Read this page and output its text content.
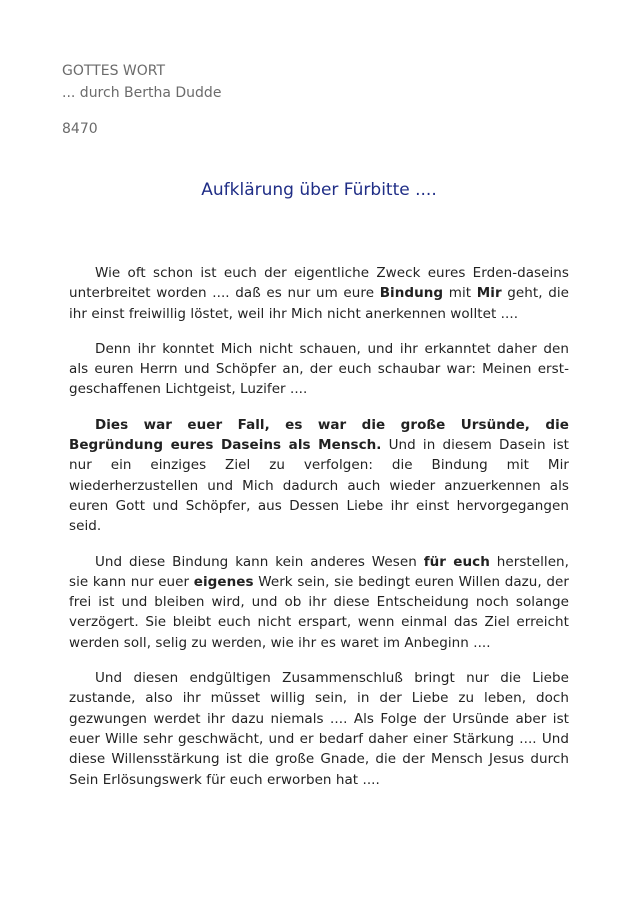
GOTTES WORT
... durch Bertha Dudde
8470
Aufklärung über Fürbitte ....

Wie oft schon ist euch der eigentliche Zweck eures Erden-daseins unterbreitet worden .... daß es nur um eure Bindung mit Mir geht, die ihr einst freiwillig löstet, weil ihr Mich nicht anerkennen wolltet ....

Denn ihr konntet Mich nicht schauen, und ihr erkanntet daher den als euren Herrn und Schöpfer an, der euch schaubar war: Meinen erst-geschaffenen Lichtgeist, Luzifer ....

Dies war euer Fall, es war die große Ursünde, die Begründung eures Daseins als Mensch. Und in diesem Dasein ist nur ein einziges Ziel zu verfolgen: die Bindung mit Mir wiederherzustellen und Mich dadurch auch wieder anzuerkennen als euren Gott und Schöpfer, aus Dessen Liebe ihr einst hervorgegangen seid.

Und diese Bindung kann kein anderes Wesen für euch herstellen, sie kann nur euer eigenes Werk sein, sie bedingt euren Willen dazu, der frei ist und bleiben wird, und ob ihr diese Entscheidung noch solange verzögert. Sie bleibt euch nicht erspart, wenn einmal das Ziel erreicht werden soll, selig zu werden, wie ihr es waret im Anbeginn ....

Und diesen endgültigen Zusammenschluß bringt nur die Liebe zustande, also ihr müsset willig sein, in der Liebe zu leben, doch gezwungen werdet ihr dazu niemals .... Als Folge der Ursünde aber ist euer Wille sehr geschwächt, und er bedarf daher einer Stärkung .... Und diese Willensstärkung ist die große Gnade, die der Mensch Jesus durch Sein Erlösungswerk für euch erworben hat ....
